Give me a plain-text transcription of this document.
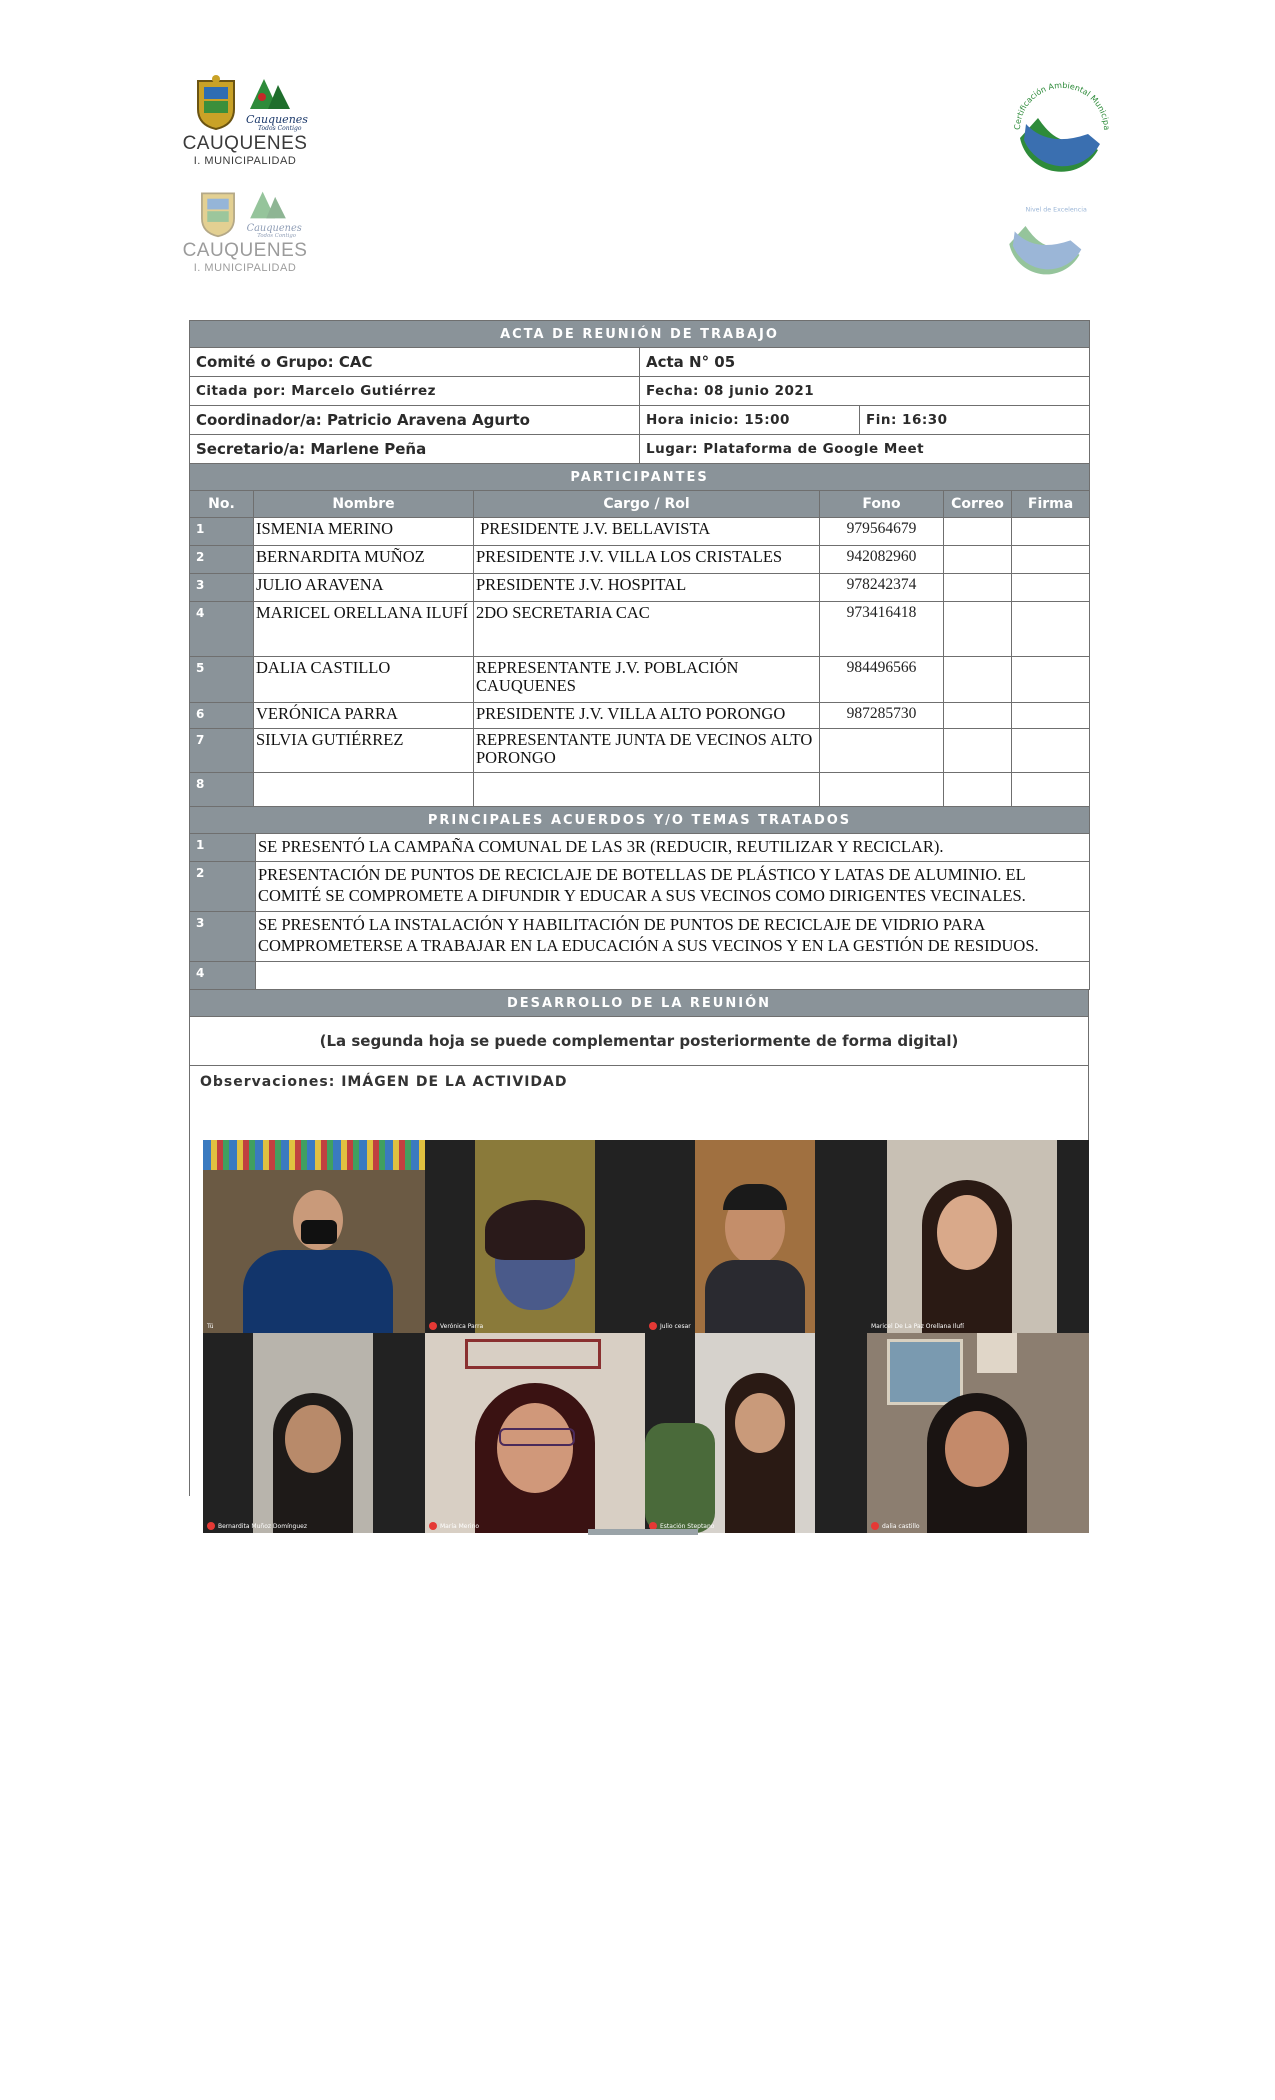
Cauquenes
Todos Contigo
CAUQUENES
I. MUNICIPALIDAD
Cauquenes
Todos Contigo
CAUQUENES
I. MUNICIPALIDAD
Certificación Ambiental Municipa
Nivel de Excelencia
ACTA DE REUNIÓN DE TRABAJO		
Comité o Grupo: CAC	Acta N° 05	
Citada por: Marcelo Gutiérrez	Fecha: 08 junio 2021	
Coordinador/a: Patricio Aravena Agurto	Hora inicio: 15:00	Fin: 16:30
Secretario/a: Marlene Peña	Lugar: Plataforma de Google Meet	
PARTICIPANTES					
No.	Nombre	Cargo / Rol	Fono	Correo	Firma
1	ISMENIA MERINO	PRESIDENTE J.V. BELLAVISTA	979564679		
2	BERNARDITA MUÑOZ	PRESIDENTE J.V. VILLA LOS CRISTALES	942082960		
3	JULIO ARAVENA	PRESIDENTE J.V. HOSPITAL	978242374		
4	MARICEL ORELLANA ILUFÍ	2DO SECRETARIA CAC	973416418		
5	DALIA CASTILLO	REPRESENTANTE J.V. POBLACIÓN CAUQUENES	984496566		
6	VERÓNICA PARRA	PRESIDENTE J.V. VILLA ALTO PORONGO	987285730		
7	SILVIA GUTIÉRREZ	REPRESENTANTE JUNTA DE VECINOS ALTO PORONGO			
8					
PRINCIPALES ACUERDOS Y/O TEMAS TRATADOS	
1	SE PRESENTÓ LA CAMPAÑA COMUNAL DE LAS 3R (REDUCIR, REUTILIZAR Y RECICLAR).
2	PRESENTACIÓN DE PUNTOS DE RECICLAJE DE BOTELLAS DE PLÁSTICO Y LATAS DE ALUMINIO. EL COMITÉ SE COMPROMETE A DIFUNDIR Y EDUCAR A SUS VECINOS COMO DIRIGENTES VECINALES.
3	SE PRESENTÓ LA INSTALACIÓN Y HABILITACIÓN DE PUNTOS DE RECICLAJE DE VIDRIO PARA COMPROMETERSE A TRABAJAR EN LA EDUCACIÓN A SUS VECINOS Y EN LA GESTIÓN DE RESIDUOS.
4	
DESARROLLO DE LA REUNIÓN
(La segunda hoja se puede complementar posteriormente de forma digital)

Observaciones: IMÁGEN DE LA ACTIVIDAD
Tú	Verónica Parra	Julio cesar	Maricel De La Paz Orellana Ilufí
Bernardita Muñoz Domínguez	María Merino	Estación Steptano	dalia castillo
